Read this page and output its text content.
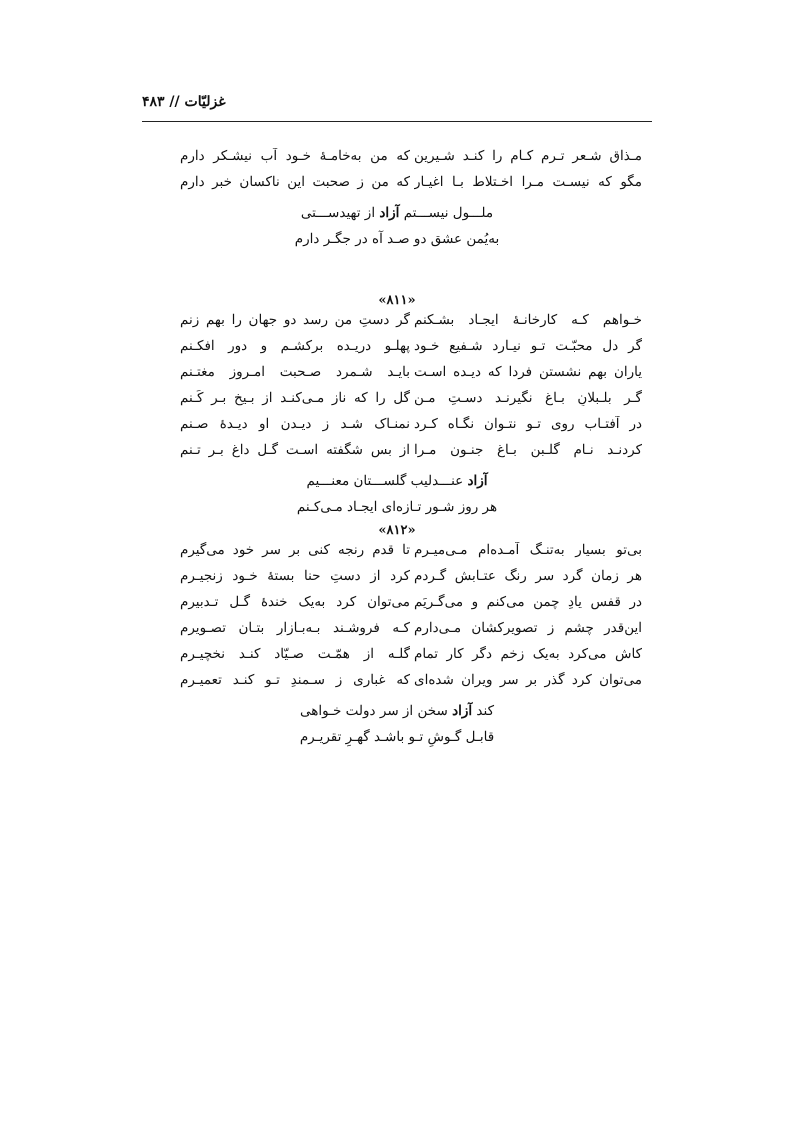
غزلیّات // ۴۸۳
مـذاق شـعر تـرم کـام را کنـد شـیرین
که من به‌خامـهٔ خـود آب نیشـکر دارم
مگو که نیسـت مـرا اخـتلاط بـا اغیـار
که من ز صحبت این ناکسان خبر دارم
ملـــول نیســـتم آزاد از تهیدســـتی
به‌یُمن عشق دو صـد آه در جگـر دارم
«۸۱۱»
خـواهم کـه کارخانـهٔ ایجـاد بشـکنم
گر دستِ من رسد دو جهان را بهم زنم
گر دل محبّـت تـو نیـارد شـفیع خـود
پهلـو دریـده برکشـم و دور افکـنم
یاران بهم نشستن فردا که دیـده اسـت
بایـد شـمرد صـحبت امـروز مغتـنم
گـر بلـبلانِ بـاغ نگیرنـد دسـتِ مـن
گل را که ناز مـی‌کنـد از بـیخ بـر کَـنم
در آفتـاب روی تـو نتـوان نگـاه کـرد
نمنـاک شـد ز دیـدن او دیـدهٔ صـنم
کردنـد نـام گلـبن بـاغ جنـون مـرا
از بس شگفته اسـت گـل داغ بـر تـنم
آزاد عنـــدلیب گلســـتان معنـــیم
هر روز شـور تـازه‌ای ایجـاد مـی‌کـنم
«۸۱۲»
بی‌تو بسیار به‌تنـگ آمـده‌ام مـی‌میـرم
تا قدم رنجه کنی بر سر خود می‌گیرم
هر زمان گرد سر رنگ عتـابش گـردم
کرد از دستِ حنا بستهٔ خـود زنجیـرم
در قفس یادِ چمن می‌کنم و می‌گـریَم
می‌توان کرد به‌یک خندهٔ گـل تـدبیرم
این‌قدر چشم ز تصویرکشان مـی‌دارم
کـه فروشـند بـه‌بـازارِ بتـان تصـویرم
کاش می‌کرد به‌یک زخم دگر کار تمام
گلـه از همّـت صـیّاد کنـد نخچیـرم
می‌توان کرد گذر بر سر ویران شده‌ای
که غباری ز سـمندِ تـو کنـد تعمیـرم
کند آزاد سخن از سر دولت خـواهی
قابـل گـوشِ تـو باشـد گهـرِ تقریـرم
